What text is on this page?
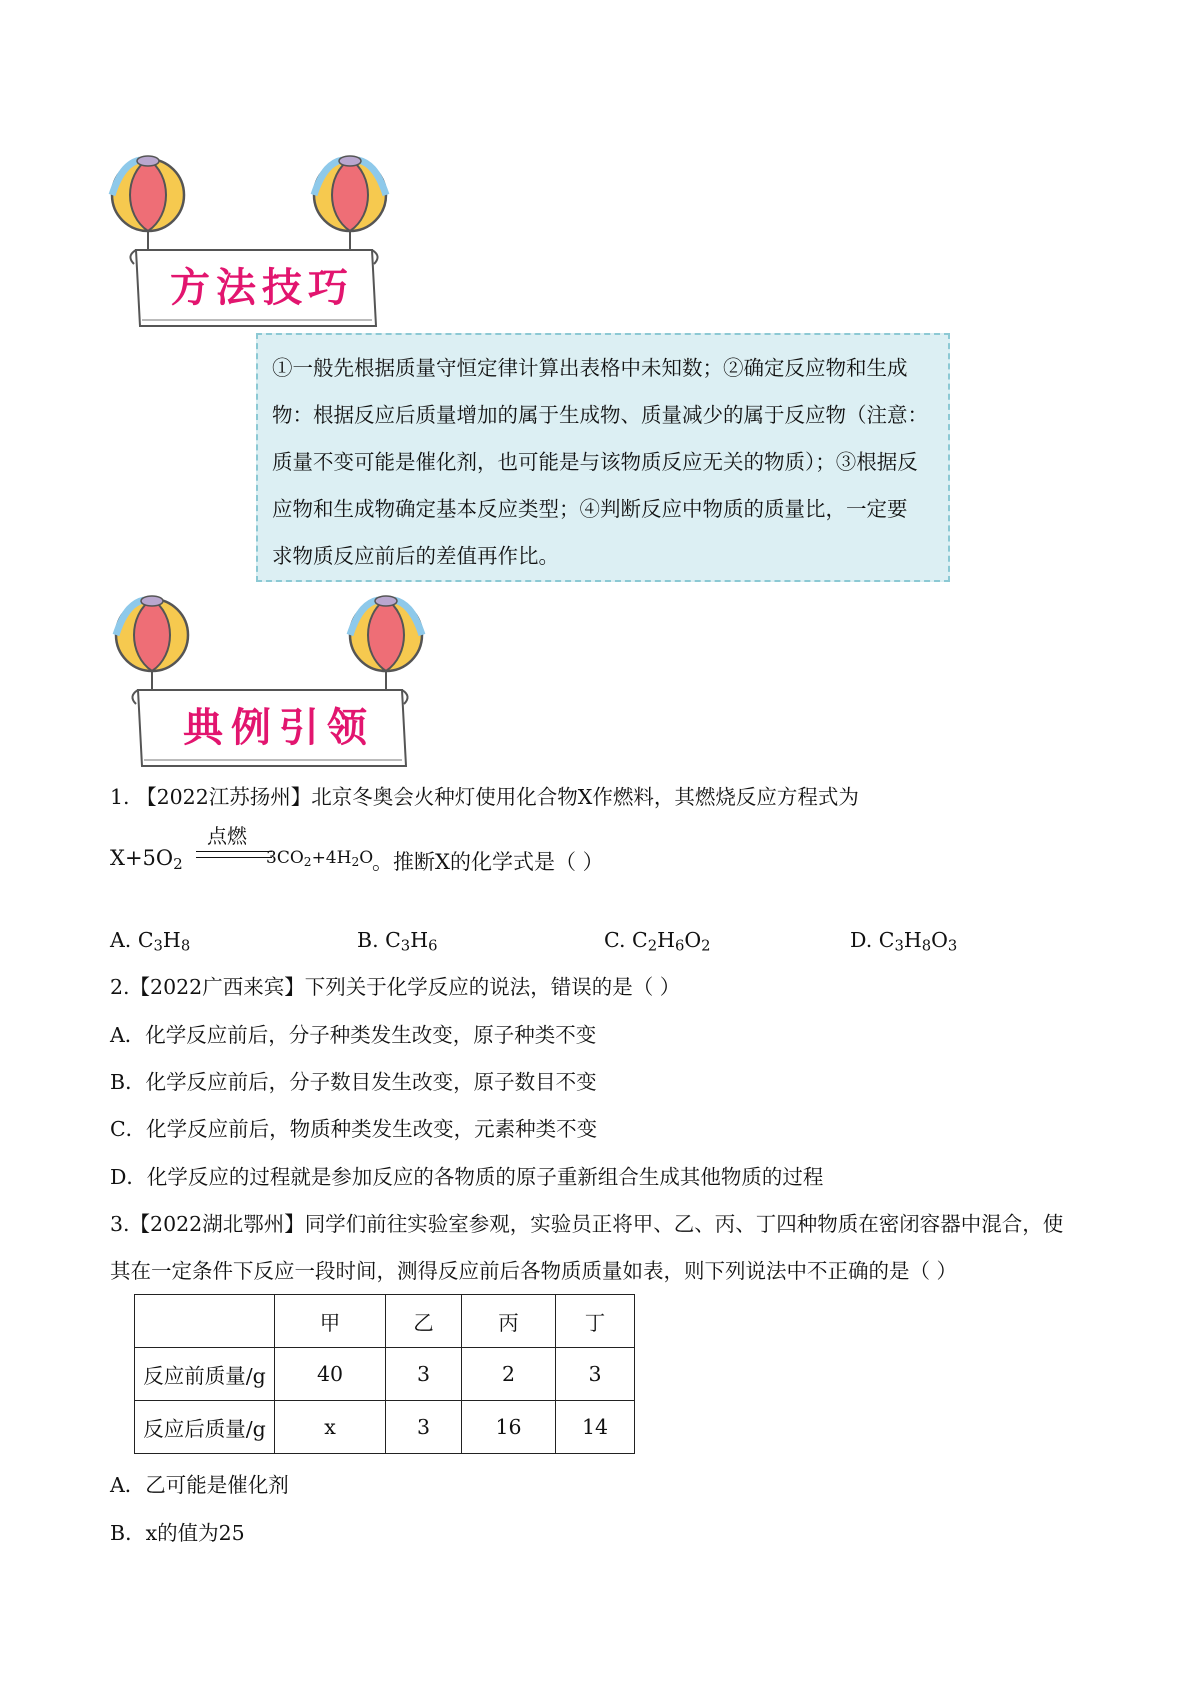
方法技巧
①一般先根据质量守恒定律计算出表格中未知数；②确定反应物和生成
物：根据反应后质量增加的属于生成物、质量减少的属于反应物（注意：
质量不变可能是催化剂，也可能是与该物质反应无关的物质）；③根据反
应物和生成物确定基本反应类型；④判断反应中物质的质量比，一定要
求物质反应前后的差值再作比。
典例引领
1. 【2022江苏扬州】北京冬奥会火种灯使用化合物X作燃料，其燃烧反应方程式为
$X+5O_2$
点燃
$3CO_2+4H_2O$
。推断X的化学式是（ ）
A. $C_3H_8$	B. $C_3H_6$	C. $C_2H_6O_2$	D. $C_3H_8O_3$
2.【2022广西来宾】下列关于化学反应的说法，错误的是（ ）
A．化学反应前后，分子种类发生改变，原子种类不变
B．化学反应前后，分子数目发生改变，原子数目不变
C．化学反应前后，物质种类发生改变，元素种类不变
D．化学反应的过程就是参加反应的各物质的原子重新组合生成其他物质的过程
3.【2022湖北鄂州】同学们前往实验室参观，实验员正将甲、乙、丙、丁四种物质在密闭容器中混合，使
其在一定条件下反应一段时间，测得反应前后各物质质量如表，则下列说法中不正确的是（ ）
	甲	乙	丙	丁
反应前质量/g	40	3	2	3
反应后质量/g	x	3	16	14
A．乙可能是催化剂
B．x的值为25
